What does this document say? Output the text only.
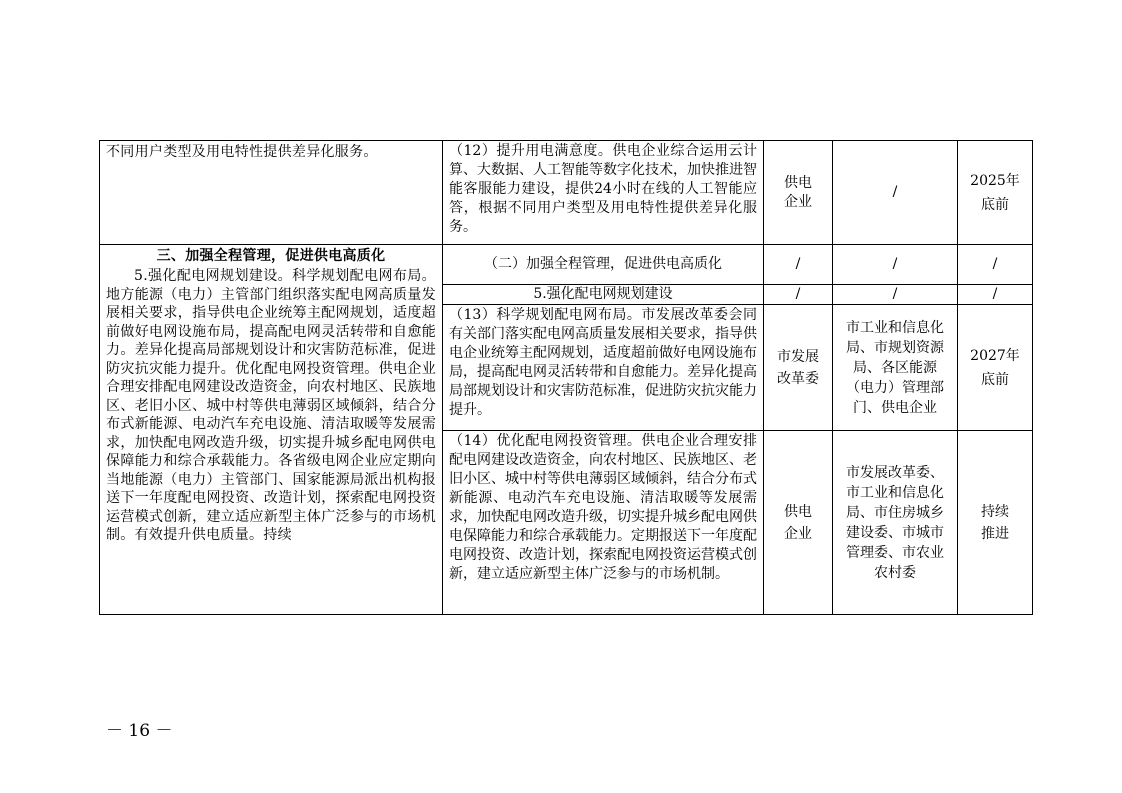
不同用户类型及用电特性提供差异化服务。	（12）提升用电满意度。供电企业综合运用云计算、大数据、人工智能等数字化技术，加快推进智能客服能力建设，提供24小时在线的人工智能应答，根据不同用户类型及用电特性提供差异化服务。	供电企业	/	2025年底前

三、加强全程管理，促进供电高质化
5.强化配电网规划建设。科学规划配电网布局。地方能源（电力）主管部门组织落实配电网高质量发展相关要求，指导供电企业统筹主配网规划，适度超前做好电网设施布局，提高配电网灵活转带和自愈能力。差异化提高局部规划设计和灾害防范标准，促进防灾抗灾能力提升。优化配电网投资管理。供电企业合理安排配电网建设改造资金，向农村地区、民族地区、老旧小区、城中村等供电薄弱区域倾斜，结合分布式新能源、电动汽车充电设施、清洁取暖等发展需求，加快配电网改造升级，切实提升城乡配电网供电保障能力和综合承载能力。各省级电网企业应定期向当地能源（电力）主管部门、国家能源局派出机构报送下一年度配电网投资、改造计划，探索配电网投资运营模式创新，建立适应新型主体广泛参与的市场机制。有效提升供电质量。持续	（二）加强全程管理，促进供电高质化	/	/	/
	5.强化配电网规划建设	/	/	/
	（13）科学规划配电网布局。市发展改革委会同有关部门落实配电网高质量发展相关要求，指导供电企业统筹主配网规划，适度超前做好电网设施布局，提高配电网灵活转带和自愈能力。差异化提高局部规划设计和灾害防范标准，促进防灾抗灾能力提升。	市发展改革委	市工业和信息化局、市规划资源局、各区能源（电力）管理部门、供电企业	2027年底前
	（14）优化配电网投资管理。供电企业合理安排配电网建设改造资金，向农村地区、民族地区、老旧小区、城中村等供电薄弱区域倾斜，结合分布式新能源、电动汽车充电设施、清洁取暖等发展需求，加快配电网改造升级，切实提升城乡配电网供电保障能力和综合承载能力。定期报送下一年度配电网投资、改造计划，探索配电网投资运营模式创新，建立适应新型主体广泛参与的市场机制。	供电企业	市发展改革委、市工业和信息化局、市住房城乡建设委、市城市管理委、市农业农村委	持续推进
－ 16 －
